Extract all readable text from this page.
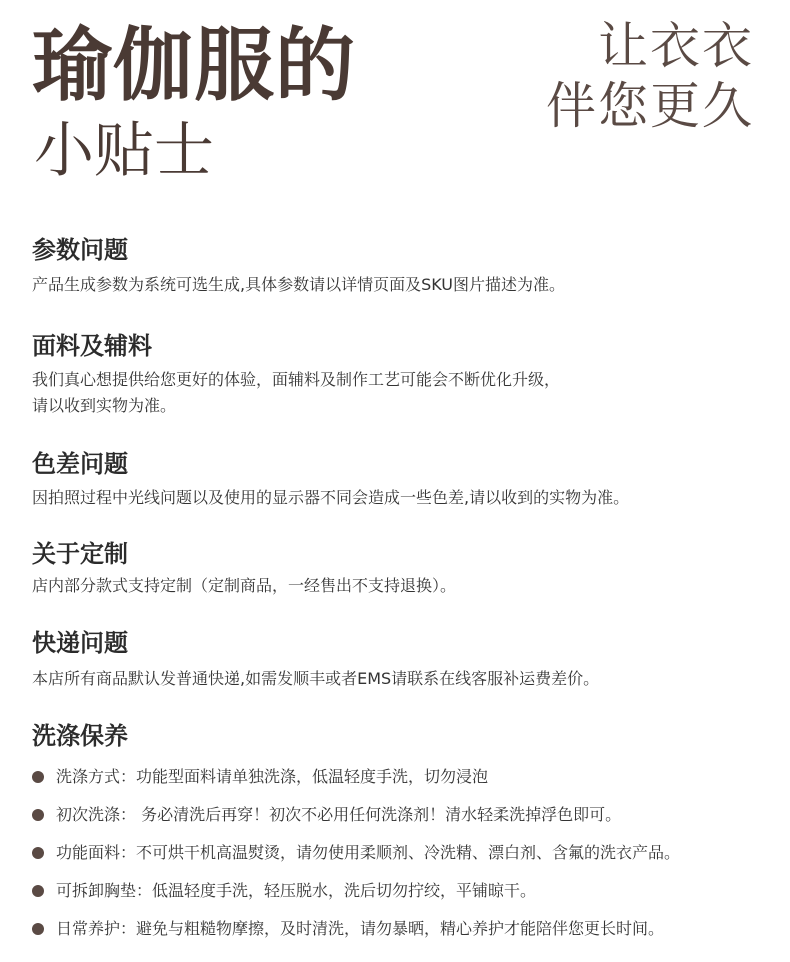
瑜伽服的
小贴士
让衣衣
伴您更久
参数问题

产品生成参数为系统可选生成,具体参数请以详情页面及SKU图片描述为准。

面料及辅料

我们真心想提供给您更好的体验，面辅料及制作工艺可能会不断优化升级，

请以收到实物为准。

色差问题

因拍照过程中光线问题以及使用的显示器不同会造成一些色差,请以收到的实物为准。

关于定制

店内部分款式支持定制（定制商品，一经售出不支持退换）。

快递问题

本店所有商品默认发普通快递,如需发顺丰或者EMS请联系在线客服补运费差价。

洗涤保养
洗涤方式：功能型面料请单独洗涤，低温轻度手洗，切勿浸泡
初次洗涤： 务必清洗后再穿！初次不必用任何洗涤剂！清水轻柔洗掉浮色即可。
功能面料：不可烘干机高温熨烫，请勿使用柔顺剂、冷洗精、漂白剂、含氟的洗衣产品。
可拆卸胸垫：低温轻度手洗，轻压脱水，洗后切勿拧绞，平铺晾干。
日常养护：避免与粗糙物摩擦，及时清洗，请勿暴晒，精心养护才能陪伴您更长时间。
